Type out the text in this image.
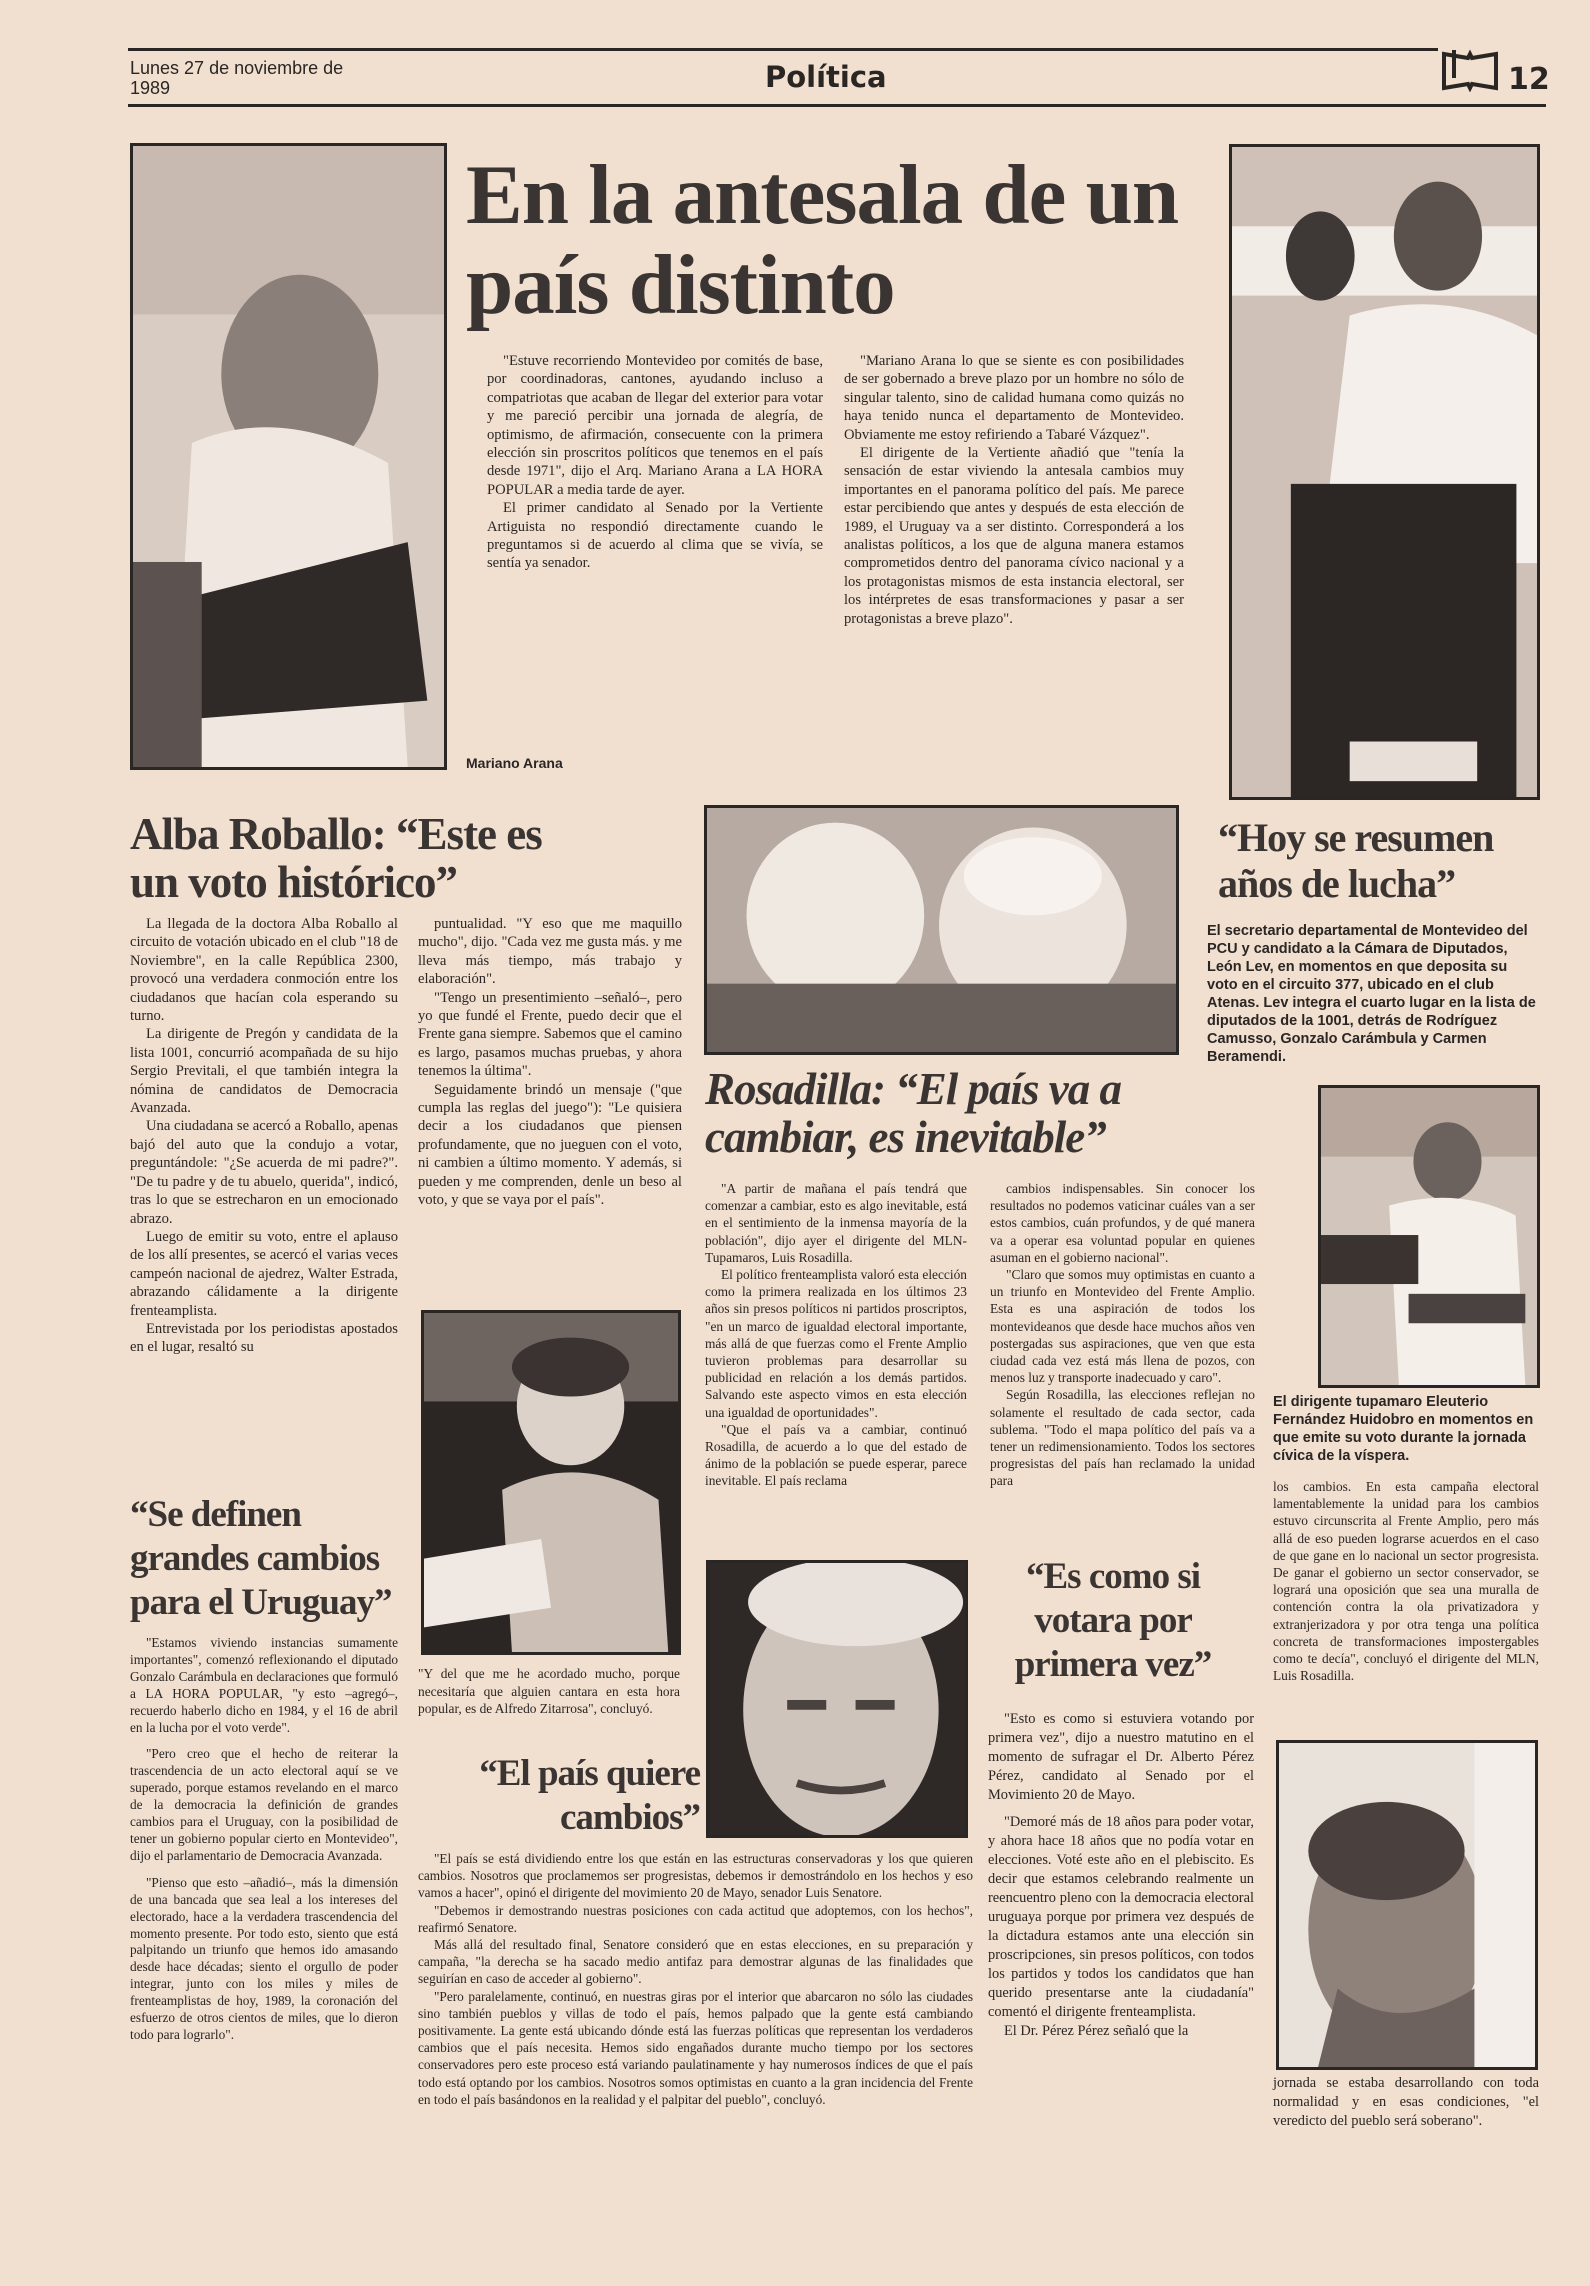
Lunes 27 de noviembre de 1989	Política	12
Mariano Arana
En la antesala de un país distinto

"Estuve recorriendo Montevideo por comités de base, por coordinadoras, cantones, ayudando incluso a compatriotas que acaban de llegar del exterior para votar y me pareció percibir una jornada de alegría, de optimismo, de afirmación, consecuente con la primera elección sin proscritos políticos que tenemos en el país desde 1971", dijo el Arq. Mariano Arana a LA HORA POPULAR a media tarde de ayer.

El primer candidato al Senado por la Vertiente Artiguista no respondió directamente cuando le preguntamos si de acuerdo al clima que se vivía, se sentía ya senador.

"Mariano Arana lo que se siente es con posibilidades de ser gobernado a breve plazo por un hombre no sólo de singular talento, sino de calidad humana como quizás no haya tenido nunca el departamento de Montevideo. Obviamente me estoy refiriendo a Tabaré Vázquez".

El dirigente de la Vertiente añadió que "tenía la sensación de estar viviendo la antesala cambios muy importantes en el panorama político del país. Me parece estar percibiendo que antes y después de esta elección de 1989, el Uruguay va a ser distinto. Corresponderá a los analistas políticos, a los que de alguna manera estamos comprometidos dentro del panorama cívico nacional y a los protagonistas mismos de esta instancia electoral, ser los intérpretes de esas transformaciones y pasar a ser protagonistas a breve plazo".

Alba Roballo: “Este es un voto histórico”

La llegada de la doctora Alba Roballo al circuito de votación ubicado en el club "18 de Noviembre", en la calle República 2300, provocó una verdadera conmoción entre los ciudadanos que hacían cola esperando su turno.

La dirigente de Pregón y candidata de la lista 1001, concurrió acompañada de su hijo Sergio Previtali, el que también integra la nómina de candidatos de Democracia Avanzada.

Una ciudadana se acercó a Roballo, apenas bajó del auto que la condujo a votar, preguntándole: "¿Se acuerda de mi padre?". "De tu padre y de tu abuelo, querida", indicó, tras lo que se estrecharon en un emocionado abrazo.

Luego de emitir su voto, entre el aplauso de los allí presentes, se acercó el varias veces campeón nacional de ajedrez, Walter Estrada, abrazando cálidamente a la dirigente frenteamplista.

Entrevistada por los periodistas apostados en el lugar, resaltó su

puntualidad. "Y eso que me maquillo mucho", dijo. "Cada vez me gusta más. y me lleva más tiempo, más trabajo y elaboración".

"Tengo un presentimiento –señaló–, pero yo que fundé el Frente, puedo decir que el Frente gana siempre. Sabemos que el camino es largo, pasamos muchas pruebas, y ahora tenemos la última".

Seguidamente brindó un mensaje ("que cumpla las reglas del juego"): "Le quisiera decir a los ciudadanos que piensen profundamente, que no jueguen con el voto, ni cambien a último momento. Y además, si pueden y me comprenden, denle un beso al voto, y que se vaya por el país".

“Hoy se resumen años de lucha”
El secretario departamental de Montevideo del PCU y candidato a la Cámara de Diputados, León Lev, en momentos en que deposita su voto en el circuito 377, ubicado en el club Atenas. Lev integra el cuarto lugar en la lista de diputados de la 1001, detrás de Rodríguez Camusso, Gonzalo Carámbula y Carmen Beramendi.
Rosadilla: “El país va a cambiar, es inevitable”

"A partir de mañana el país tendrá que comenzar a cambiar, esto es algo inevitable, está en el sentimiento de la inmensa mayoría de la población", dijo ayer el dirigente del MLN-Tupamaros, Luis Rosadilla.

El político frenteamplista valoró esta elección como la primera realizada en los últimos 23 años sin presos políticos ni partidos proscriptos, "en un marco de igualdad electoral importante, más allá de que fuerzas como el Frente Amplio tuvieron problemas para desarrollar su publicidad en relación a los demás partidos. Salvando este aspecto vimos en esta elección una igualdad de oportunidades".

"Que el país va a cambiar, continuó Rosadilla, de acuerdo a lo que del estado de ánimo de la población se puede esperar, parece inevitable. El país reclama

cambios indispensables. Sin conocer los resultados no podemos vaticinar cuáles van a ser estos cambios, cuán profundos, y de qué manera va a operar esa voluntad popular en quienes asuman en el gobierno nacional".

"Claro que somos muy optimistas en cuanto a un triunfo en Montevideo del Frente Amplio. Esta es una aspiración de todos los montevideanos que desde hace muchos años ven postergadas sus aspiraciones, que ven que esta ciudad cada vez está más llena de pozos, con menos luz y transporte inadecuado y caro".

Según Rosadilla, las elecciones reflejan no solamente el resultado de cada sector, cada sublema. "Todo el mapa político del país va a tener un redimensionamiento. Todos los sectores progresistas del país han reclamado la unidad para

El dirigente tupamaro Eleuterio Fernández Huidobro en momentos en que emite su voto durante la jornada cívica de la víspera.

los cambios. En esta campaña electoral lamentablemente la unidad para los cambios estuvo circunscrita al Frente Amplio, pero más allá de eso pueden lograrse acuerdos en el caso de que gane en lo nacional un sector progresista. De ganar el gobierno un sector conservador, se logrará una oposición que sea una muralla de contención contra la ola privatizadora y extranjerizadora y por otra tenga una política concreta de transformaciones impostergables como te decía", concluyó el dirigente del MLN, Luis Rosadilla.

“Se definen grandes cambios para el Uruguay”

"Estamos viviendo instancias sumamente importantes", comenzó reflexionando el diputado Gonzalo Carámbula en declaraciones que formuló a LA HORA POPULAR, "y esto –agregó–, recuerdo haberlo dicho en 1984, y el 16 de abril en la lucha por el voto verde".

"Pero creo que el hecho de reiterar la trascendencia de un acto electoral aquí se ve superado, porque estamos revelando en el marco de la democracia la definición de grandes cambios para el Uruguay, con la posibilidad de tener un gobierno popular cierto en Montevideo", dijo el parlamentario de Democracia Avanzada.

"Pienso que esto –añadió–, más la dimensión de una bancada que sea leal a los intereses del electorado, hace a la verdadera trascendencia del momento presente. Por todo esto, siento que está palpitando un triunfo que hemos ido amasando desde hace décadas; siento el orgullo de poder integrar, junto con los miles y miles de frenteamplistas de hoy, 1989, la coronación del esfuerzo de otros cientos de miles, que lo dieron todo para lograrlo".

"Y del que me he acordado mucho, porque necesitaría que alguien cantara en esta hora popular, es de Alfredo Zitarrosa", concluyó.
“El país quiere cambios”

"El país se está dividiendo entre los que están en las estructuras conservadoras y los que quieren cambios. Nosotros que proclamemos ser progresistas, debemos ir demostrándolo en los hechos y eso vamos a hacer", opinó el dirigente del movimiento 20 de Mayo, senador Luis Senatore.

"Debemos ir demostrando nuestras posiciones con cada actitud que adoptemos, con los hechos", reafirmó Senatore.

Más allá del resultado final, Senatore consideró que en estas elecciones, en su preparación y campaña, "la derecha se ha sacado medio antifaz para demostrar algunas de las finalidades que seguirían en caso de acceder al gobierno".

"Pero paralelamente, continuó, en nuestras giras por el interior que abarcaron no sólo las ciudades sino también pueblos y villas de todo el país, hemos palpado que la gente está cambiando positivamente. La gente está ubicando dónde está las fuerzas políticas que representan los verdaderos cambios que el país necesita. Hemos sido engañados durante mucho tiempo por los sectores conservadores pero este proceso está variando paulatinamente y hay numerosos índices de que el país todo está optando por los cambios. Nosotros somos optimistas en cuanto a la gran incidencia del Frente en todo el país basándonos en la realidad y el palpitar del pueblo", concluyó.

“Es como si votara por primera vez”

"Esto es como si estuviera votando por primera vez", dijo a nuestro matutino en el momento de sufragar el Dr. Alberto Pérez Pérez, candidato al Senado por el Movimiento 20 de Mayo.

"Demoré más de 18 años para poder votar, y ahora hace 18 años que no podía votar en elecciones. Voté este año en el plebiscito. Es decir que estamos celebrando realmente un reencuentro pleno con la democracia electoral uruguaya porque por primera vez después de la dictadura estamos ante una elección sin proscripciones, sin presos políticos, con todos los partidos y todos los candidatos que han querido presentarse ante la ciudadanía" comentó el dirigente frenteamplista.

El Dr. Pérez Pérez señaló que la

jornada se estaba desarrollando con toda normalidad y en esas condiciones, "el veredicto del pueblo será soberano".
